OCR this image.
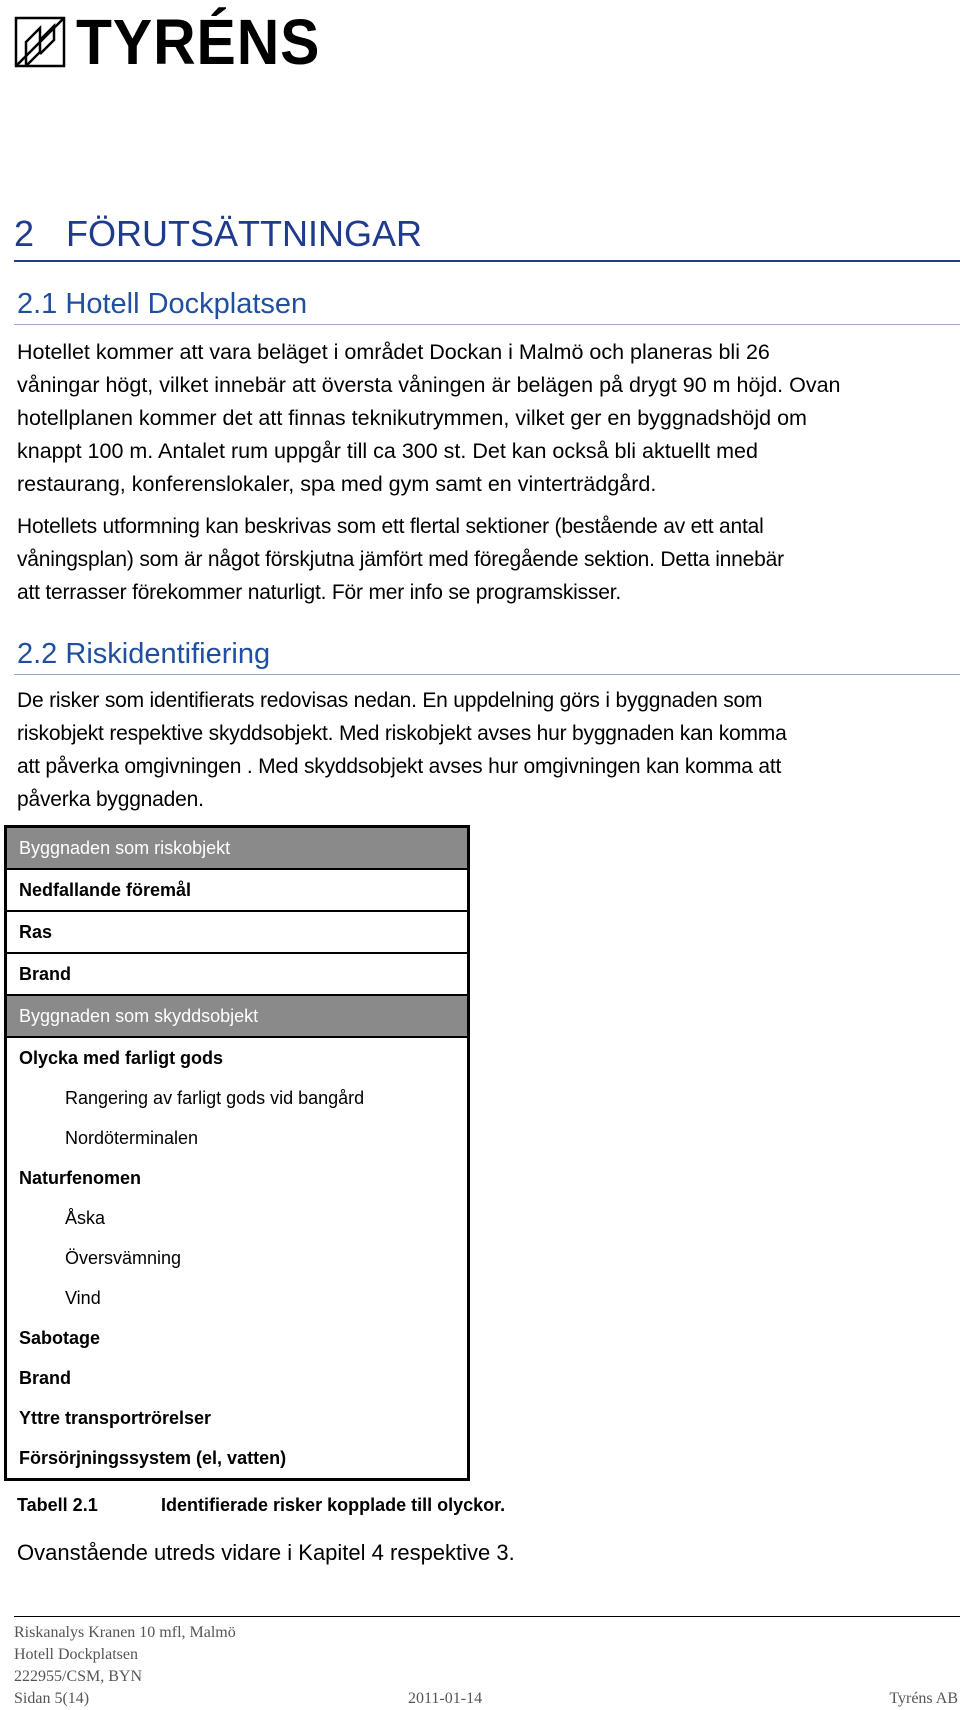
TYRÉNS
2 FÖRUTSÄTTNINGAR
2.1 Hotell Dockplatsen
Hotellet kommer att vara beläget i området Dockan i Malmö och planeras bli 26
våningar högt, vilket innebär att översta våningen är belägen på drygt 90 m höjd. Ovan
hotellplanen kommer det att finnas teknikutrymmen, vilket ger en byggnadshöjd om
knappt 100 m. Antalet rum uppgår till ca 300 st. Det kan också bli aktuellt med
restaurang, konferenslokaler, spa med gym samt en vinterträdgård.
Hotellets utformning kan beskrivas som ett flertal sektioner (bestående av ett antal
våningsplan) som är något förskjutna jämfört med föregående sektion. Detta innebär
att terrasser förekommer naturligt. För mer info se programskisser.
2.2 Riskidentifiering
De risker som identifierats redovisas nedan. En uppdelning görs i byggnaden som
riskobjekt respektive skyddsobjekt. Med riskobjekt avses hur byggnaden kan komma
att påverka omgivningen . Med skyddsobjekt avses hur omgivningen kan komma att
påverka byggnaden.
Byggnaden som riskobjekt
Nedfallande föremål
Ras
Brand
Byggnaden som skyddsobjekt
Olycka med farligt gods
Rangering av farligt gods vid bangård
Nordöterminalen
Naturfenomen
Åska
Översvämning
Vind
Sabotage
Brand
Yttre transportrörelser
Försörjningssystem (el, vatten)
Tabell 2.1	Identifierade risker kopplade till olyckor.
Ovanstående utreds vidare i Kapitel 4 respektive 3.
Riskanalys Kranen 10 mfl, Malmö
Hotell Dockplatsen
222955/CSM, BYN
Sidan 5(14)	2011-01-14	Tyréns AB
